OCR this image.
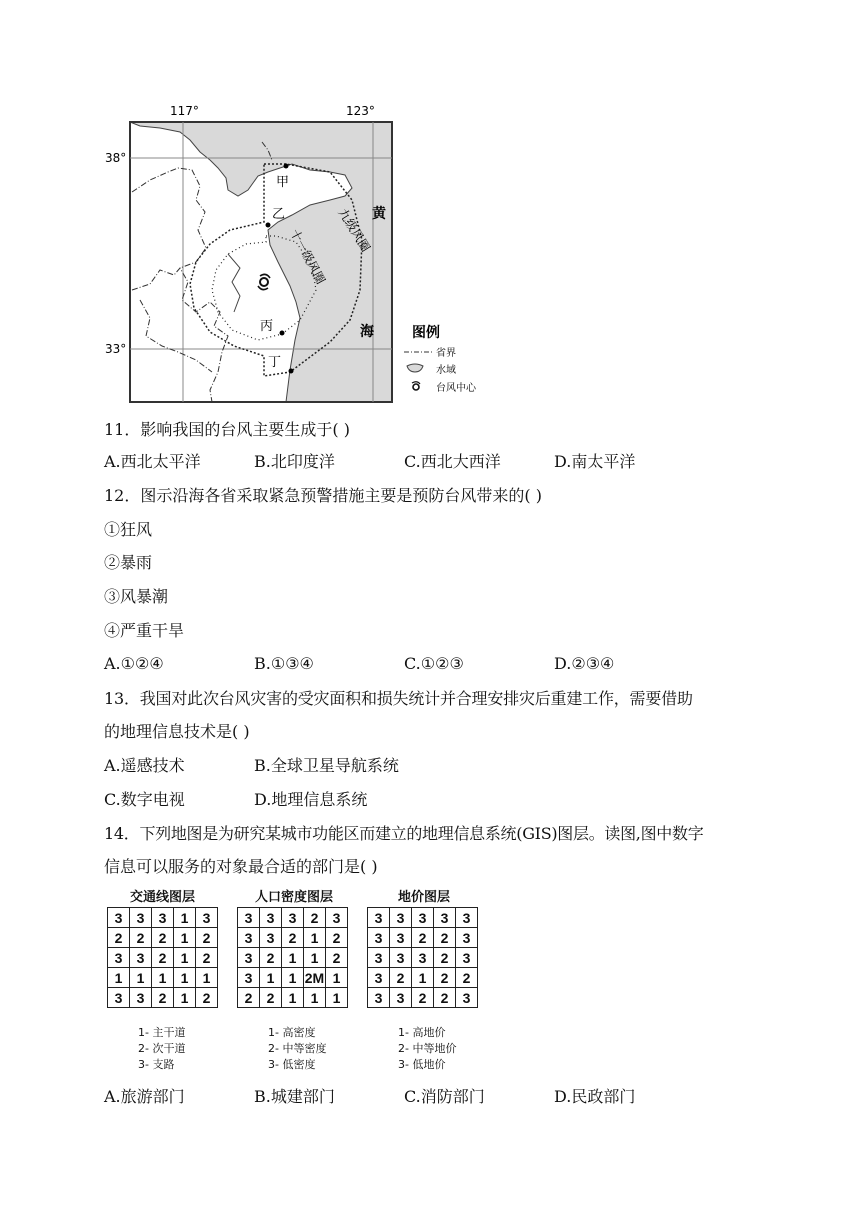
117°	123°
38°
33°
甲
乙
丙
丁
黄
海
九级风圈
十一级风圈
图例
省界
水域
台风中心
11．影响我国的台风主要生成于( )
A.西北太平洋	B.北印度洋	C.西北大西洋	D.南太平洋
12．图示沿海各省采取紧急预警措施主要是预防台风带来的( )
①狂风
②暴雨
③风暴潮
④严重干旱
A.①②④	B.①③④	C.①②③	D.②③④
13．我国对此次台风灾害的受灾面积和损失统计并合理安排灾后重建工作，需要借助
的地理信息技术是( )
A.遥感技术	B.全球卫星导航系统
C.数字电视	D.地理信息系统
14．下列地图是为研究某城市功能区而建立的地理信息系统(GIS)图层。读图,图中数字
信息可以服务的对象最合适的部门是( )
交通线图层
3	3	3	1	3
2	2	2	1	2
3	3	2	1	2
1	1	1	1	1
3	3	2	1	2
1- 主干道
2- 次干道
3- 支路
人口密度图层
3	3	3	2	3
3	3	2	1	2
3	2	1	1	2
3	1	1	2M	1
2	2	1	1	1
1- 高密度
2- 中等密度
3- 低密度
地价图层
3	3	3	3	3
3	3	2	2	3
3	3	3	2	3
3	2	1	2	2
3	3	2	2	3
1- 高地价
2- 中等地价
3- 低地价
A.旅游部门	B.城建部门	C.消防部门	D.民政部门
